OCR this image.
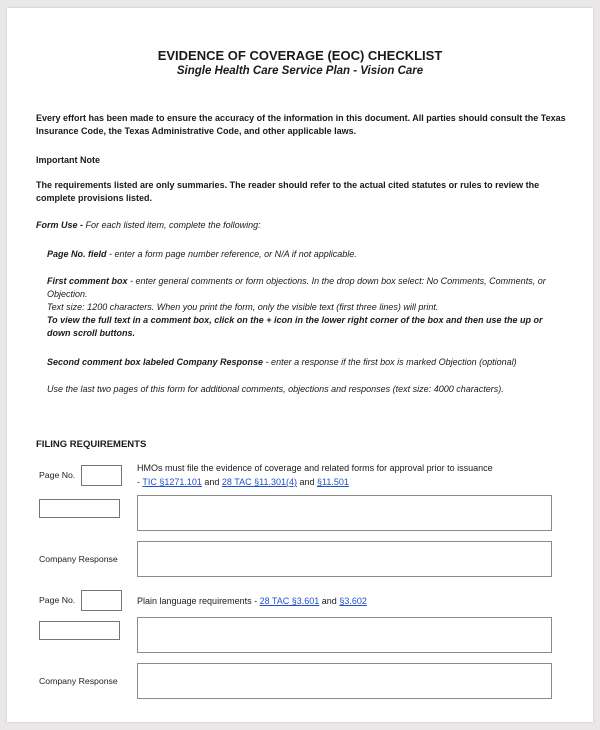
EVIDENCE OF COVERAGE (EOC) CHECKLIST
Single Health Care Service Plan - Vision Care

Every effort has been made to ensure the accuracy of the information in this document. All parties should consult the Texas Insurance Code, the Texas Administrative Code, and other applicable laws.

Important Note

The requirements listed are only summaries. The reader should refer to the actual cited statutes or rules to review the complete provisions listed.

Form Use - For each listed item, complete the following:

Page No. field - enter a form page number reference, or N/A if not applicable.

First comment box - enter general comments or form objections. In the drop down box select: No Comments, Comments, or Objection.
Text size: 1200 characters. When you print the form, only the visible text (first three lines) will print.
To view the full text in a comment box, click on the + icon in the lower right corner of the box and then use the up or down scroll buttons.

Second comment box labeled Company Response - enter a response if the first box is marked Objection (optional)

Use the last two pages of this form for additional comments, objections and responses (text size: 4000 characters).

FILING REQUIREMENTS

Page No.
HMOs must file the evidence of coverage and related forms for approval prior to issuance
- TIC §1271.101 and 28 TAC §11.301(4) and §11.501
Company Response
Page No.	Plain language requirements - 28 TAC §3.601 and §3.602
Company Response
